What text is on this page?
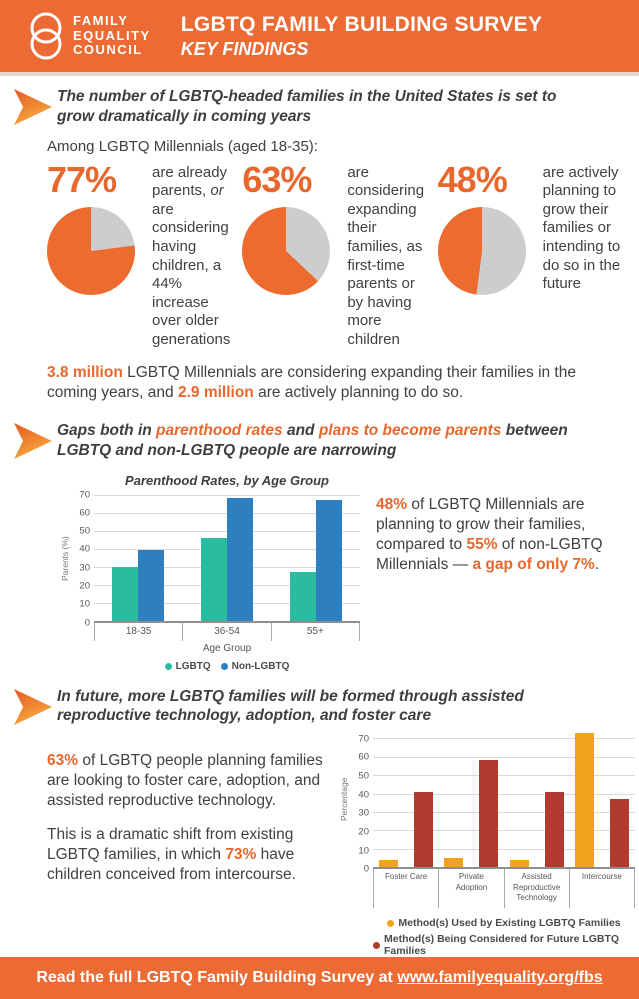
FAMILY
EQUALITY
COUNCIL
LGBTQ FAMILY BUILDING SURVEY
KEY FINDINGS
The number of LGBTQ-headed families in the United States is set to grow dramatically in coming years

Among LGBTQ Millennials (aged 18-35):

77%	are already parents, or are considering having children, a 44% increase over older generations
63%	are considering expanding their families, as first-time parents or by having more children
48%	are actively planning to grow their families or intending to do so in the future

3.8 million LGBTQ Millennials are considering expanding their families in the coming years, and 2.9 million are actively planning to do so.

Gaps both in parenthood rates and plans to become parents between LGBTQ and non-LGBTQ people are narrowing
Parenthood Rates, by Age Group
Parents (%)
0
10
20
30
40
50
60
70
18-35	36-54	55+
Age Group
LGBTQ Non-LGBTQ

48% of LGBTQ Millennials are planning to grow their families, compared to 55% of non-LGBTQ Millennials — a gap of only 7%.

In future, more LGBTQ families will be formed through assisted reproductive technology, adoption, and foster care

63% of LGBTQ people planning families are looking to foster care, adoption, and assisted reproductive technology.

This is a dramatic shift from existing LGBTQ families, in which 73% have children conceived from intercourse.

Percentage
0
10
20
30
40
50
60
70
Foster Care	Private Adoption
Assisted Reproductive Technology
Intercourse
Method(s) Used by Existing LGBTQ Families
Method(s) Being Considered for Future LGBTQ Families

Read the full LGBTQ Family Building Survey at www.familyequality.org/fbs
